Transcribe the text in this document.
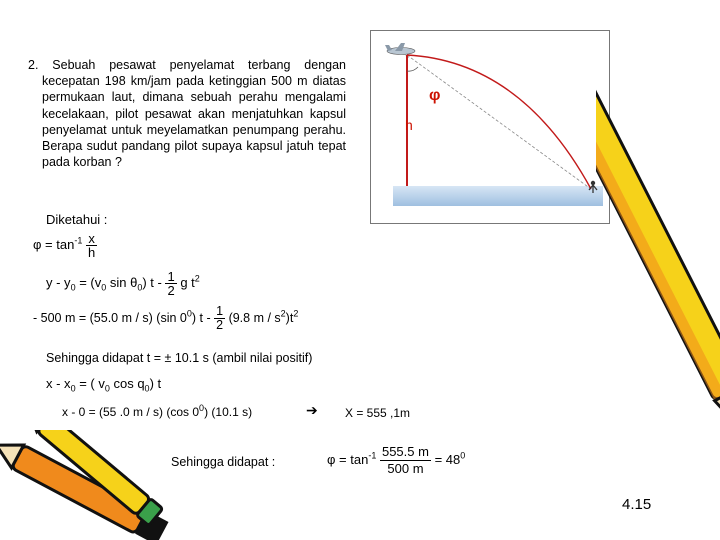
2. Sebuah pesawat penyelamat terbang dengan kecepatan 198 km/jam pada ketinggian 500 m diatas permukaan laut, dimana sebuah perahu mengalami kecelakaan, pilot pesawat akan menjatuhkan kapsul penyelamat untuk meyelamatkan penumpang perahu. Berapa sudut pandang pilot supaya kapsul jatuh tepat pada korban ?

φ
h
Diketahui :
$\varphi = \tan^{-1} \frac{x}{h}$
$y - y_0 = (v_0$ $\sin \theta_0$) t - $\frac{1}{2}$ g $t^2$
- 500 m = (55.0 m / s) (sin $0^0$) t - $\frac{1}{2} (9.8$ m / $s^2)t^2$
Sehingga didapat t = ± 10.1 s (ambil nilai positif)
x - $x_0$ = ( $v_0$ $\cos q_0$) t
x - 0 = (55 .0 m / s) (cos $0^0$) (10.1 s)	➔ X = 555 ,1m
Sehingga didapat :	$\varphi = \tan^{-1} \frac{555.5 m}{500 m} = 48^0$
4.15
